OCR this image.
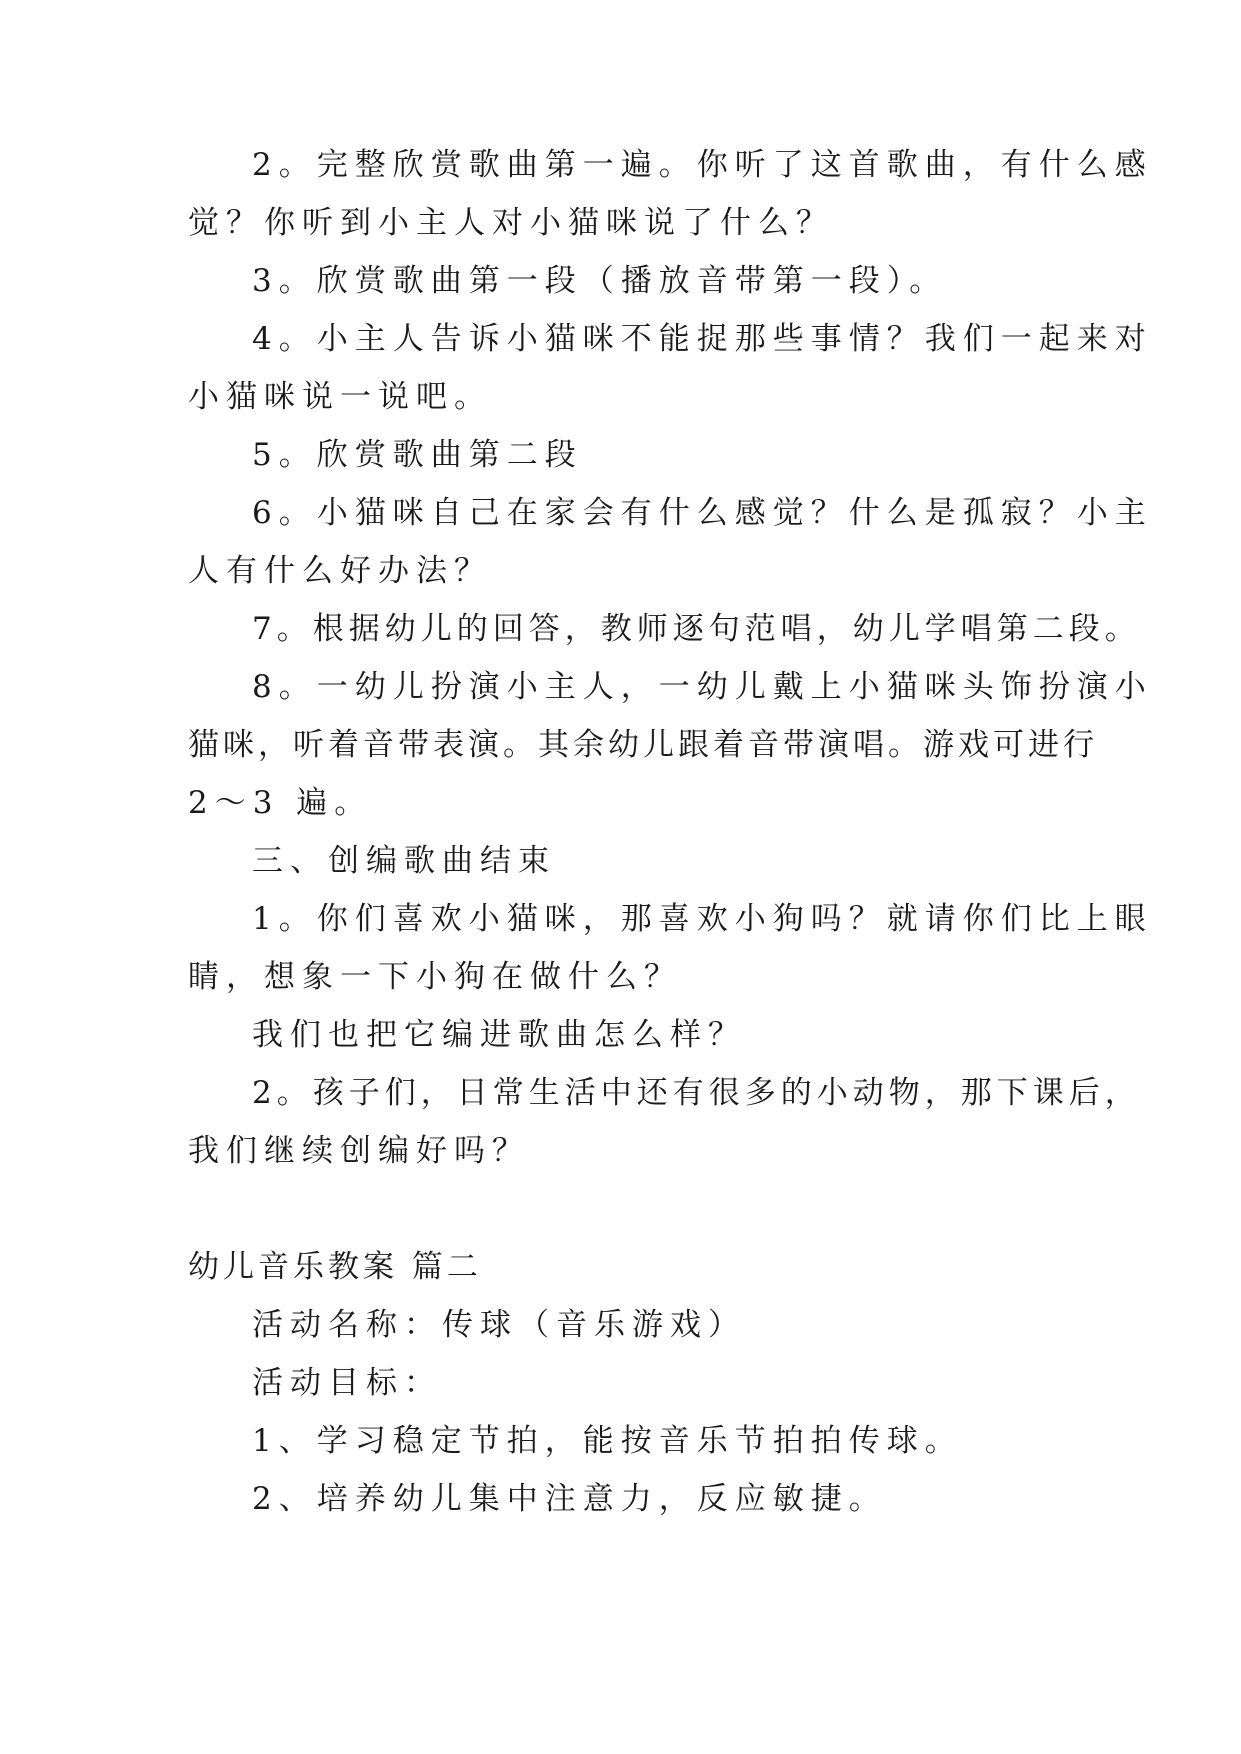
2。完整欣赏歌曲第一遍。你听了这首歌曲，有什么感

觉？你听到小主人对小猫咪说了什么？

3。欣赏歌曲第一段（播放音带第一段）。

4。小主人告诉小猫咪不能捉那些事情？我们一起来对

小猫咪说一说吧。

5。欣赏歌曲第二段

6。小猫咪自己在家会有什么感觉？什么是孤寂？小主

人有什么好办法？

7。根据幼儿的回答，教师逐句范唱，幼儿学唱第二段。

8。一幼儿扮演小主人，一幼儿戴上小猫咪头饰扮演小

猫咪，听着音带表演。其余幼儿跟着音带演唱。游戏可进行

2～3 遍。

三、创编歌曲结束

1。你们喜欢小猫咪，那喜欢小狗吗？就请你们比上眼

睛，想象一下小狗在做什么？

我们也把它编进歌曲怎么样？

2。孩子们，日常生活中还有很多的小动物，那下课后，

我们继续创编好吗？

幼儿音乐教案 篇二

活动名称：传球（音乐游戏）

活动目标：

1、学习稳定节拍，能按音乐节拍拍传球。

2、培养幼儿集中注意力，反应敏捷。
